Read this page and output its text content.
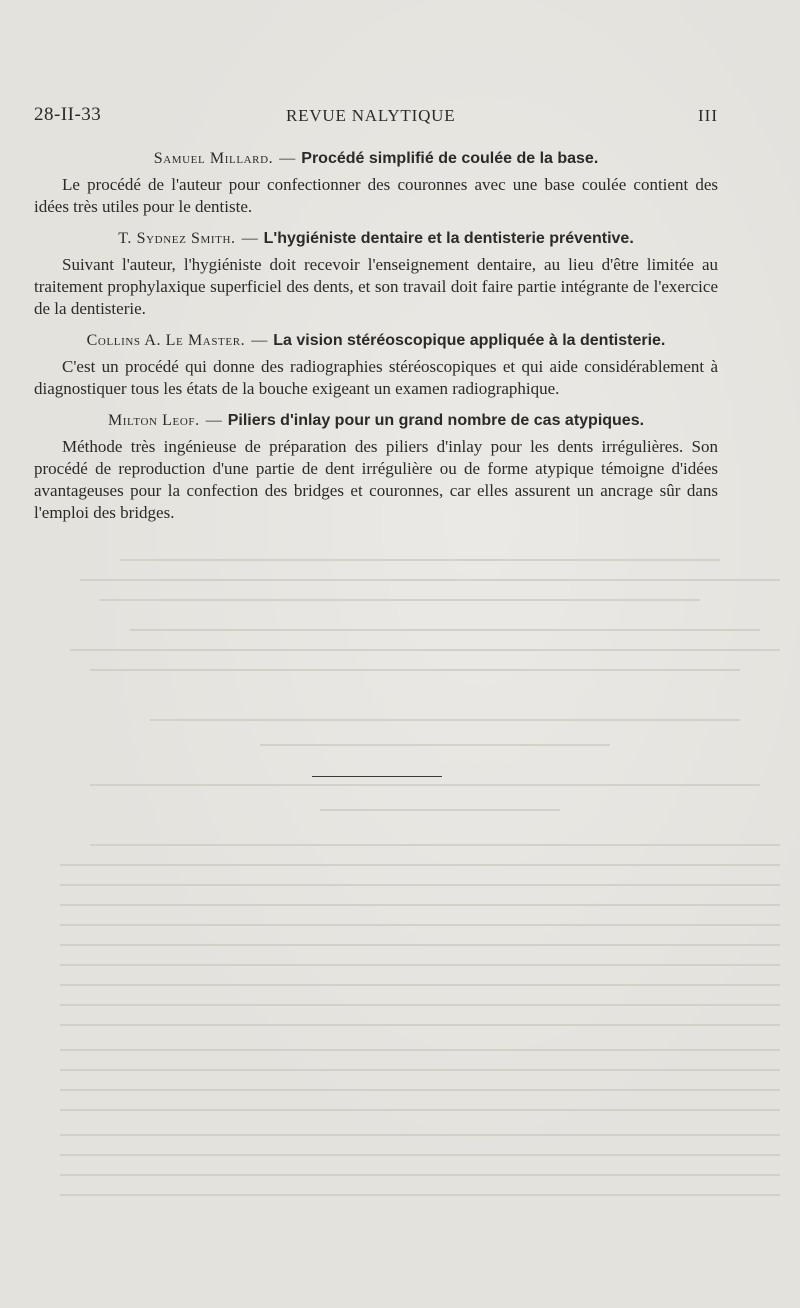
28-II-33	REVUE NALYTIQUE	III

Samuel Millard. — Procédé simplifié de coulée de la base.

Le procédé de l'auteur pour confectionner des couronnes avec une base coulée contient des idées très utiles pour le dentiste.

T. Sydnez Smith. — L'hygiéniste dentaire et la dentisterie préventive.

Suivant l'auteur, l'hygiéniste doit recevoir l'enseignement dentaire, au lieu d'être limitée au traitement prophylaxique superficiel des dents, et son travail doit faire partie intégrante de l'exercice de la dentisterie.

Collins A. Le Master. — La vision stéréoscopique appliquée à la dentisterie.

C'est un procédé qui donne des radiographies stéréoscopiques et qui aide considérablement à diagnostiquer tous les états de la bouche exigeant un examen radiographique.

Milton Leof. — Piliers d'inlay pour un grand nombre de cas atypiques.

Méthode très ingénieuse de préparation des piliers d'inlay pour les dents irrégulières. Son procédé de reproduction d'une partie de dent irrégulière ou de forme atypique témoigne d'idées avantageuses pour la confection des bridges et couronnes, car elles assurent un ancrage sûr dans l'emploi des bridges.
